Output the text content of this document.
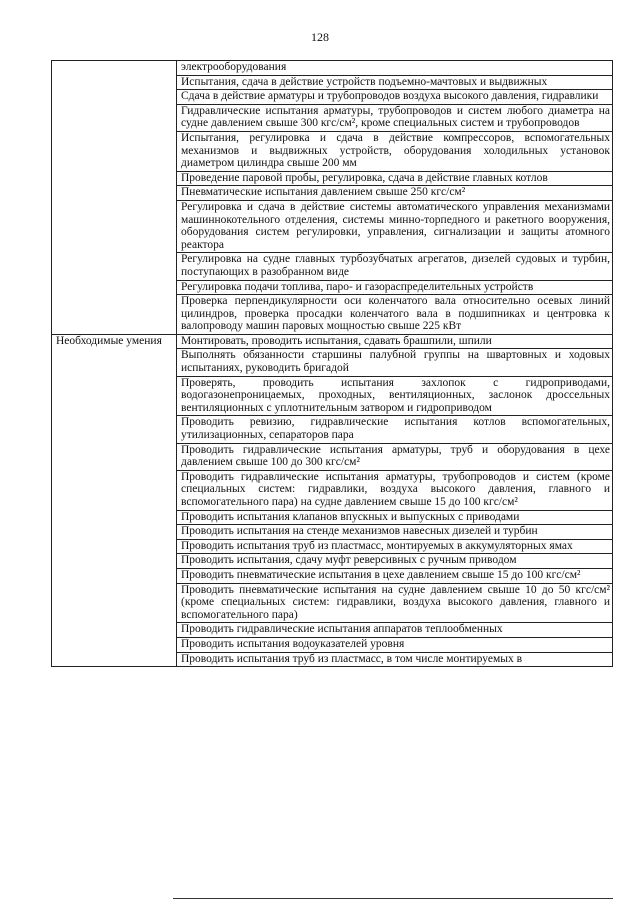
128

	электрооборудования

	Испытания, сдача в действие устройств подъемно-мачтовых и выдвижных

	Сдача в действие арматуры и трубопроводов воздуха высокого давления, гидравлики

	Гидравлические испытания арматуры, трубопроводов и систем любого диаметра на судне давлением свыше 300 кгс/см², кроме специальных систем и трубопроводов

	Испытания, регулировка и сдача в действие компрессоров, вспомогательных механизмов и выдвижных устройств, оборудования холодильных установок диаметром цилиндра свыше 200 мм

	Проведение паровой пробы, регулировка, сдача в действие главных котлов

	Пневматические испытания давлением свыше 250 кгс/см²

	Регулировка и сдача в действие системы автоматического управления механизмами машиннокотельного отделения, системы минно-торпедного и ракетного вооружения, оборудования систем регулировки, управления, сигнализации и защиты атомного реактора

	Регулировка на судне главных турбозубчатых агрегатов, дизелей судовых и турбин, поступающих в разобранном виде

	Регулировка подачи топлива, паро- и газораспределительных устройств

	Проверка перпендикулярности оси коленчатого вала относительно осевых линий цилиндров, проверка просадки коленчатого вала в подшипниках и центровка к валопроводу машин паровых мощностью свыше 225 кВт

Необходимые умения	Монтировать, проводить испытания, сдавать брашпили, шпили

	Выполнять обязанности старшины палубной группы на швартовных и ходовых испытаниях, руководить бригадой

	Проверять, проводить испытания захлопок с гидроприводами, водогазонепроницаемых, проходных, вентиляционных, заслонок дроссельных вентиляционных с уплотнительным затвором и гидроприводом

	Проводить ревизию, гидравлические испытания котлов вспомогательных, утилизационных, сепараторов пара

	Проводить гидравлические испытания арматуры, труб и оборудования в цехе давлением свыше 100 до 300 кгс/см²

	Проводить гидравлические испытания арматуры, трубопроводов и систем (кроме специальных систем: гидравлики, воздуха высокого давления, главного и вспомогательного пара) на судне давлением свыше 15 до 100 кгс/см²

	Проводить испытания клапанов впускных и выпускных с приводами

	Проводить испытания на стенде механизмов навесных дизелей и турбин

	Проводить испытания труб из пластмасс, монтируемых в аккумуляторных ямах

	Проводить испытания, сдачу муфт реверсивных с ручным приводом

	Проводить пневматические испытания в цехе давлением свыше 15 до 100 кгс/см²

	Проводить пневматические испытания на судне давлением свыше 10 до 50 кгс/см² (кроме специальных систем: гидравлики, воздуха высокого давления, главного и вспомогательного пара)

	Проводить гидравлические испытания аппаратов теплообменных

	Проводить испытания водоуказателей уровня

	Проводить испытания труб из пластмасс, в том числе монтируемых в
